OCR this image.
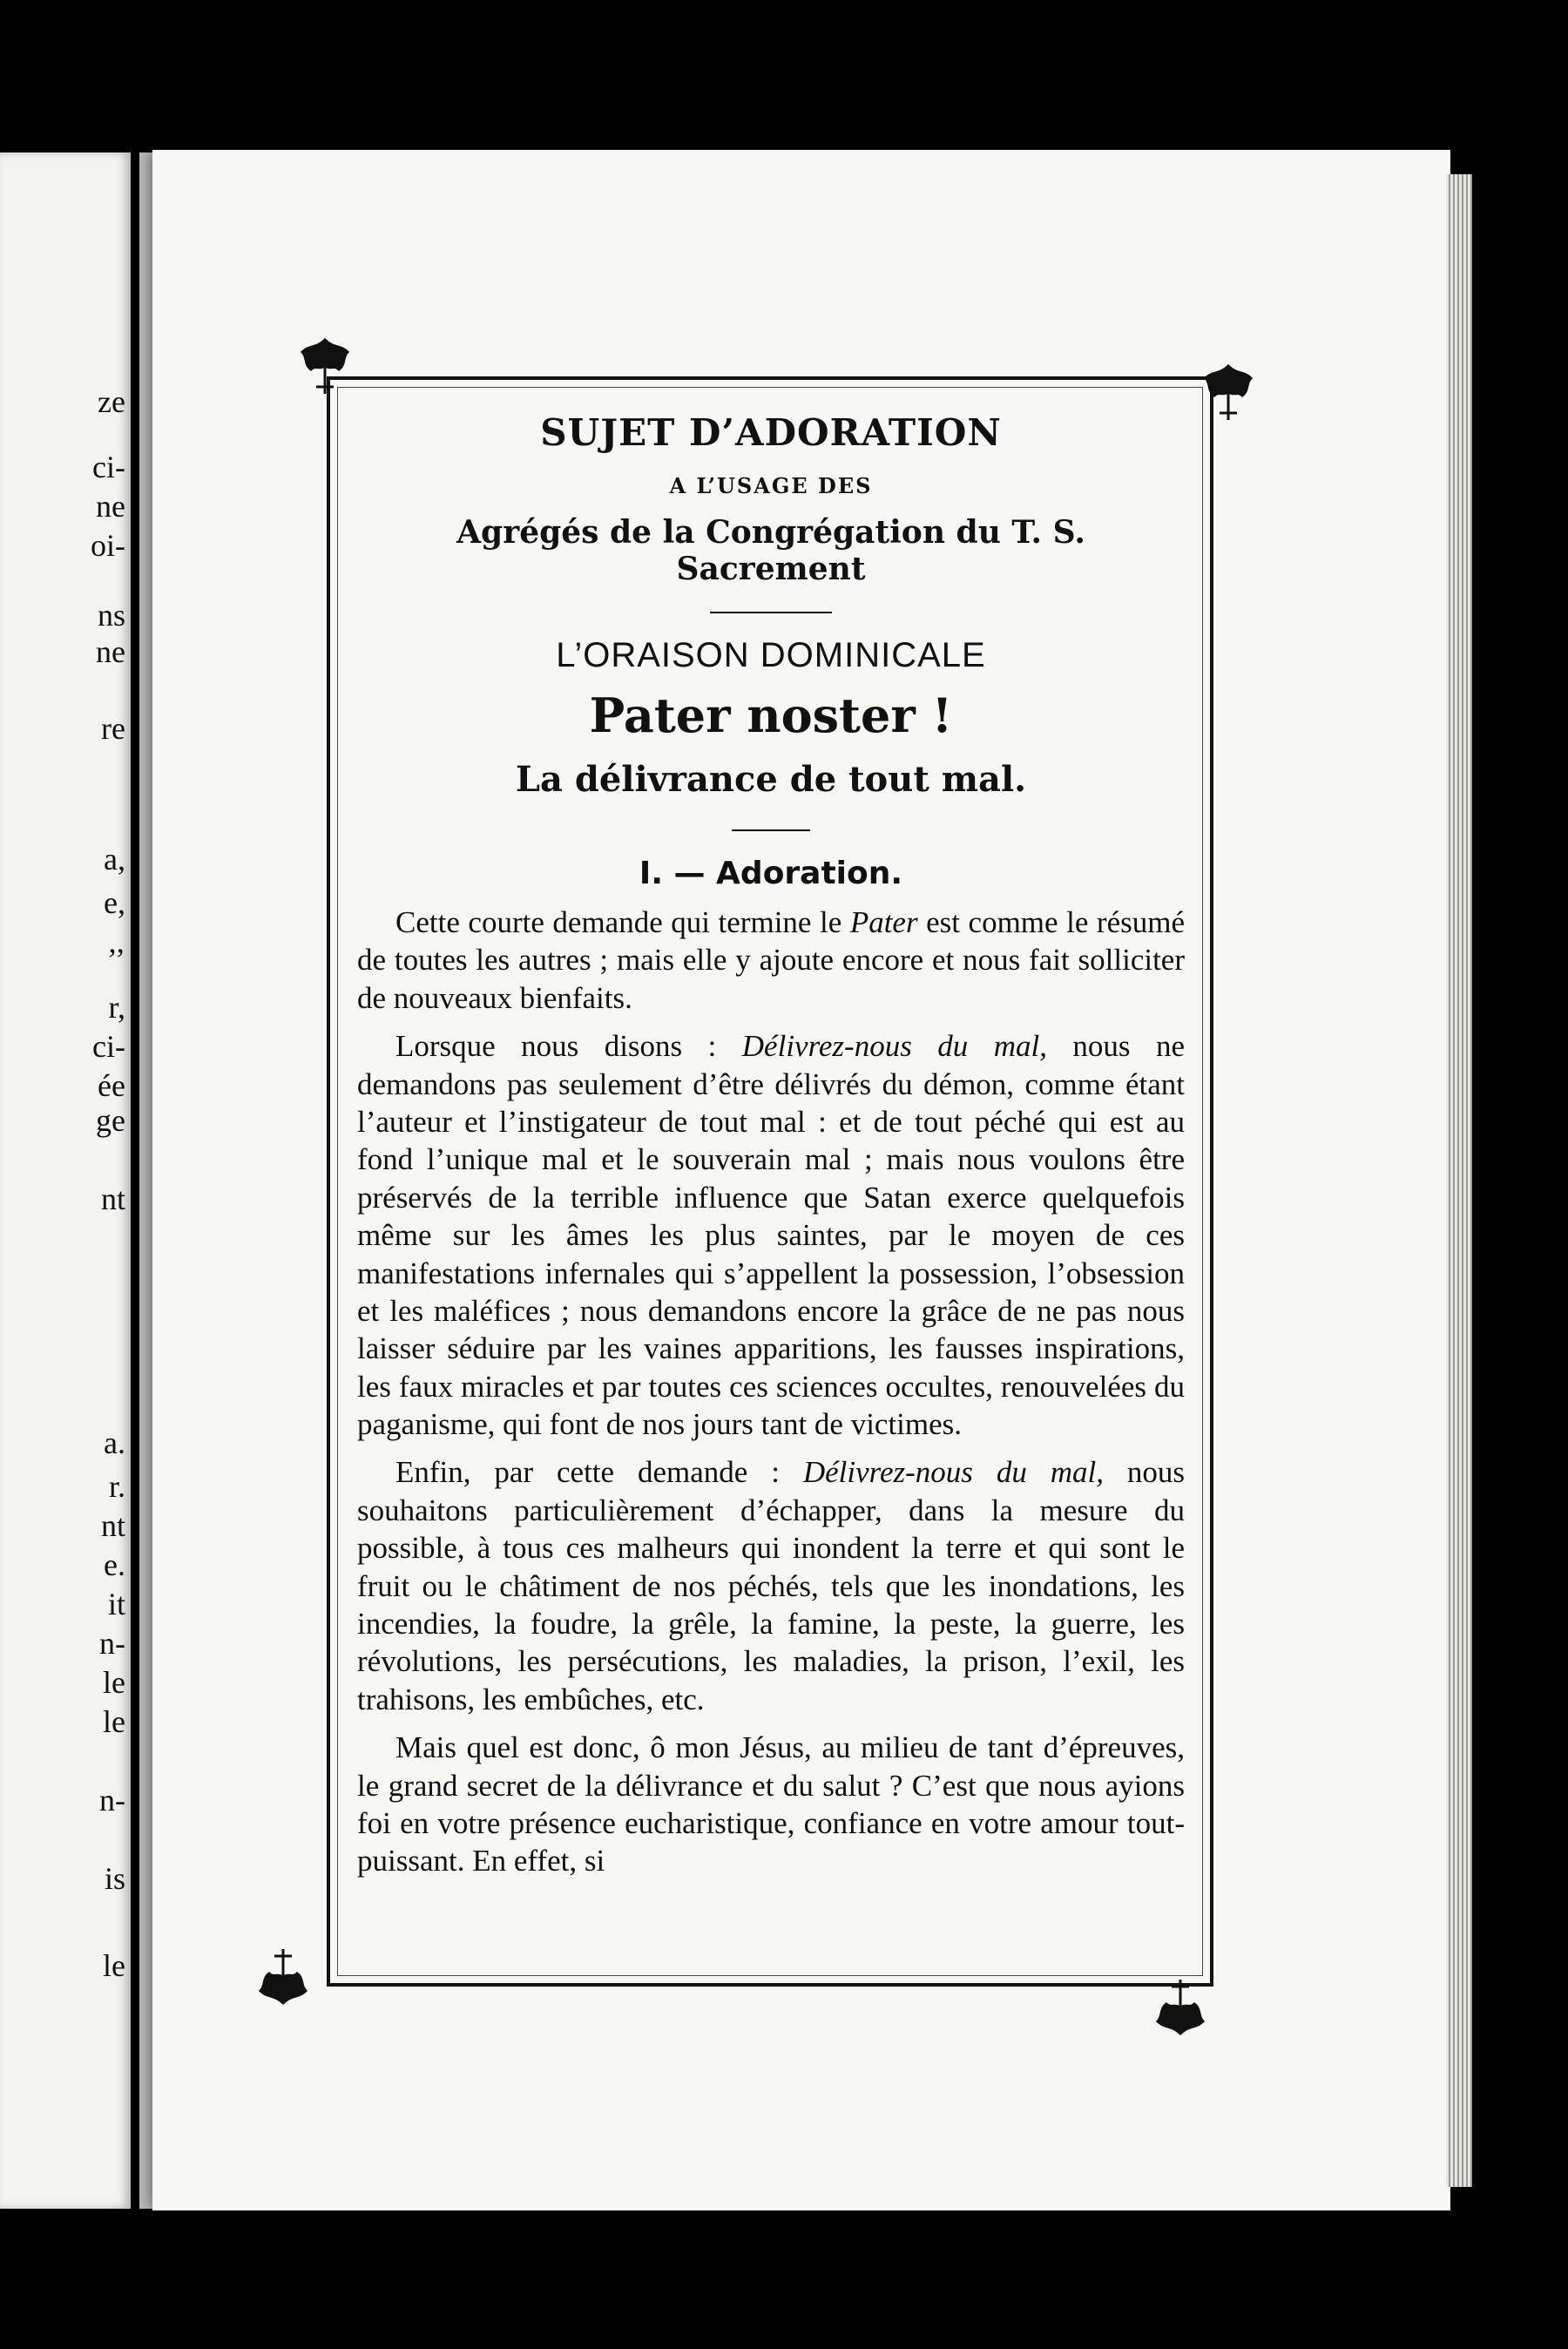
ze

ci-

ne

oi-

ns

ne

re

a,

e,

’’

r,

ci-

ée

ge

nt

a.

r.

nt

e.

it

n-

le

le

n-

is

le

SUJET D’ADORATION

A L’USAGE DES

Agrégés de la Congrégation du T. S. Sacrement

L’ORAISON DOMINICALE

Pater noster !

La délivrance de tout mal.

I. — Adoration.

Cette courte demande qui termine le Pater est comme le résumé de toutes les autres ; mais elle y ajoute encore et nous fait solliciter de nouveaux bienfaits.

Lorsque nous disons : Délivrez-nous du mal, nous ne demandons pas seulement d’être délivrés du démon, comme étant l’auteur et l’instigateur de tout mal : et de tout péché qui est au fond l’unique mal et le souverain mal ; mais nous voulons être préservés de la terrible influence que Satan exerce quelquefois même sur les âmes les plus saintes, par le moyen de ces manifestations infernales qui s’appellent la possession, l’obsession et les maléfices ; nous demandons encore la grâce de ne pas nous laisser séduire par les vaines apparitions, les fausses inspirations, les faux miracles et par toutes ces sciences occultes, renouvelées du paganisme, qui font de nos jours tant de victimes.

Enfin, par cette demande : Délivrez-nous du mal, nous souhaitons particulièrement d’échapper, dans la mesure du possible, à tous ces malheurs qui inondent la terre et qui sont le fruit ou le châtiment de nos péchés, tels que les inondations, les incendies, la foudre, la grêle, la famine, la peste, la guerre, les révolutions, les persécutions, les maladies, la prison, l’exil, les trahisons, les embûches, etc.

Mais quel est donc, ô mon Jésus, au milieu de tant d’épreuves, le grand secret de la délivrance et du salut ? C’est que nous ayions foi en votre présence eucharistique, confiance en votre amour tout-puissant. En effet, si
